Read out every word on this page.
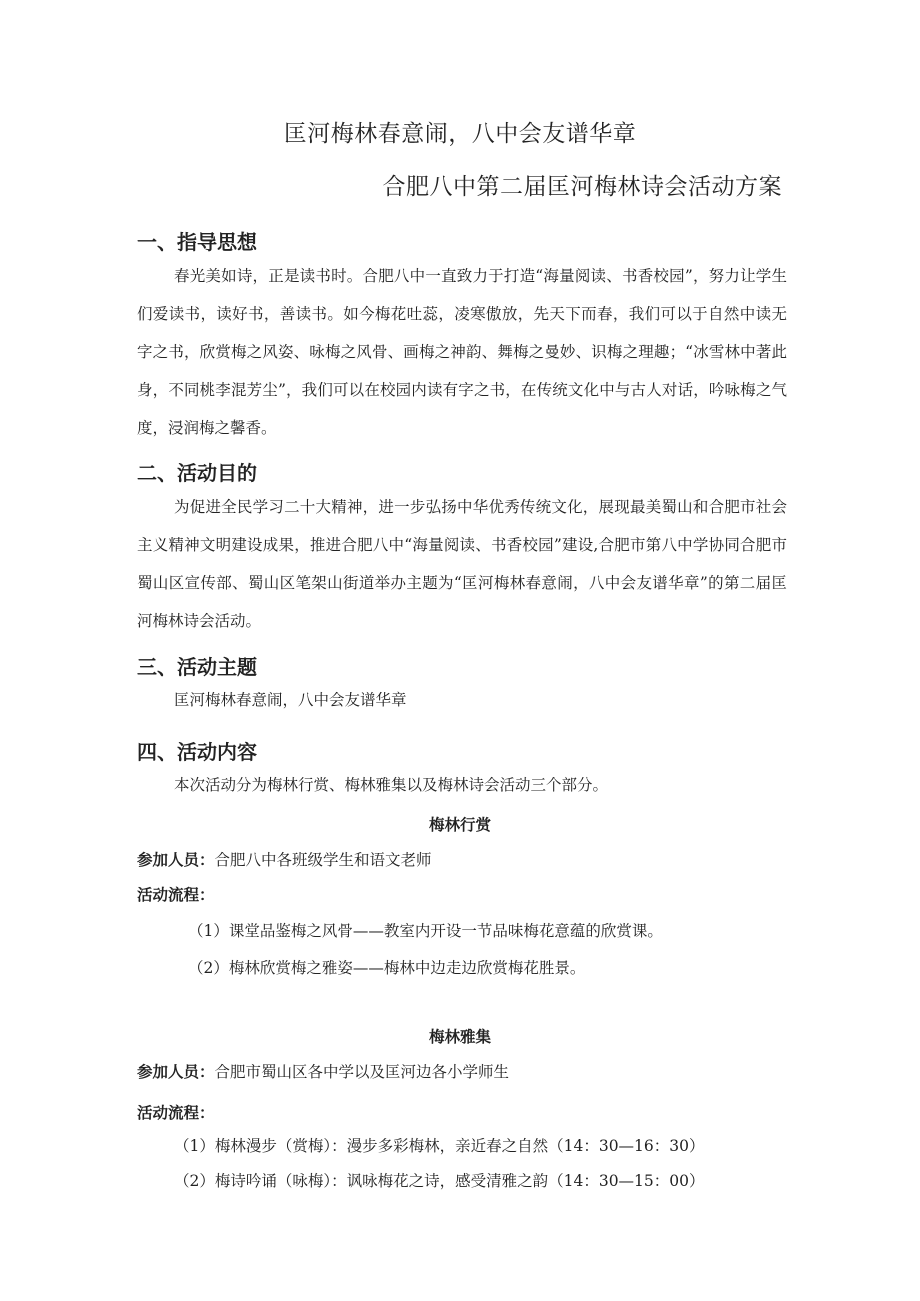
匡河梅林春意闹，八中会友谱华章
合肥八中第二届匡河梅林诗会活动方案
一、指导思想
春光美如诗，正是读书时。合肥八中一直致力于打造“海量阅读、书香校园”，努力让学生们爱读书，读好书，善读书。如今梅花吐蕊，凌寒傲放，先天下而春，我们可以于自然中读无字之书，欣赏梅之风姿、咏梅之风骨、画梅之神韵、舞梅之曼妙、识梅之理趣；“冰雪林中著此身，不同桃李混芳尘”，我们可以在校园内读有字之书，在传统文化中与古人对话，吟咏梅之气度，浸润梅之馨香。
二、活动目的
为促进全民学习二十大精神，进一步弘扬中华优秀传统文化，展现最美蜀山和合肥市社会主义精神文明建设成果，推进合肥八中“海量阅读、书香校园”建设,合肥市第八中学协同合肥市蜀山区宣传部、蜀山区笔架山街道举办主题为“匡河梅林春意闹，八中会友谱华章”的第二届匡河梅林诗会活动。
三、活动主题
匡河梅林春意闹，八中会友谱华章
四、活动内容
本次活动分为梅林行赏、梅林雅集以及梅林诗会活动三个部分。
梅林行赏
参加人员：合肥八中各班级学生和语文老师
活动流程：
（1）课堂品鉴梅之风骨——教室内开设一节品味梅花意蕴的欣赏课。
（2）梅林欣赏梅之雅姿——梅林中边走边欣赏梅花胜景。
梅林雅集
参加人员：合肥市蜀山区各中学以及匡河边各小学师生
活动流程：
（1）梅林漫步（赏梅）：漫步多彩梅林，亲近春之自然（14：30—16：30）
（2）梅诗吟诵（咏梅）：讽咏梅花之诗，感受清雅之韵（14：30—15：00）
